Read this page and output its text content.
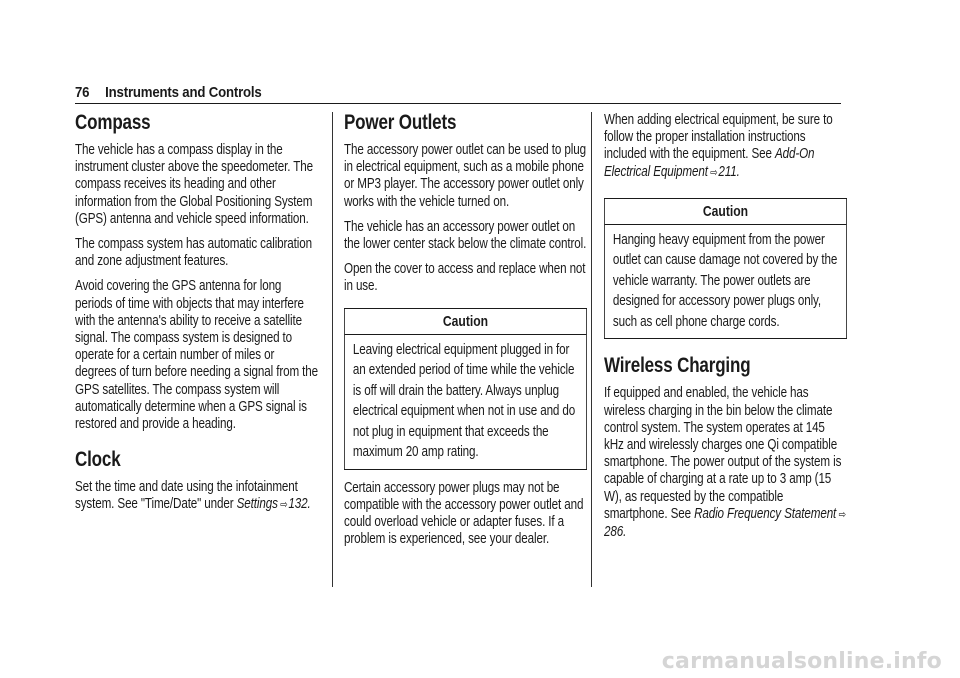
76 Instruments and Controls
Compass

The vehicle has a compass display in the instrument cluster above the speedometer. The compass receives its heading and other information from the Global Positioning System (GPS) antenna and vehicle speed information.

The compass system has automatic calibration and zone adjustment features.

Avoid covering the GPS antenna for long periods of time with objects that may interfere with the antenna's ability to receive a satellite signal. The compass system is designed to operate for a certain number of miles or degrees of turn before needing a signal from the GPS satellites. The compass system will automatically determine when a GPS signal is restored and provide a heading.

Clock

Set the time and date using the infotainment system. See "Time/Date" under Settings ⇨132.

Power Outlets

The accessory power outlet can be used to plug in electrical equipment, such as a mobile phone or MP3 player. The accessory power outlet only works with the vehicle turned on.

The vehicle has an accessory power outlet on the lower center stack below the climate control.

Open the cover to access and replace when not in use.

Caution
Leaving electrical equipment plugged in for an extended period of time while the vehicle is off will drain the battery. Always unplug electrical equipment when not in use and do not plug in equipment that exceeds the maximum 20 amp rating.

Certain accessory power plugs may not be compatible with the accessory power outlet and could overload vehicle or adapter fuses. If a problem is experienced, see your dealer.

When adding electrical equipment, be sure to follow the proper installation instructions included with the equipment. See Add-On Electrical Equipment ⇨211.

Caution
Hanging heavy equipment from the power outlet can cause damage not covered by the vehicle warranty. The power outlets are designed for accessory power plugs only, such as cell phone charge cords.
Wireless Charging

If equipped and enabled, the vehicle has wireless charging in the bin below the climate control system. The system operates at 145 kHz and wirelessly charges one Qi compatible smartphone. The power output of the system is capable of charging at a rate up to 3 amp (15 W), as requested by the compatible smartphone. See Radio Frequency Statement ⇨286.

carmanualsonline.info
